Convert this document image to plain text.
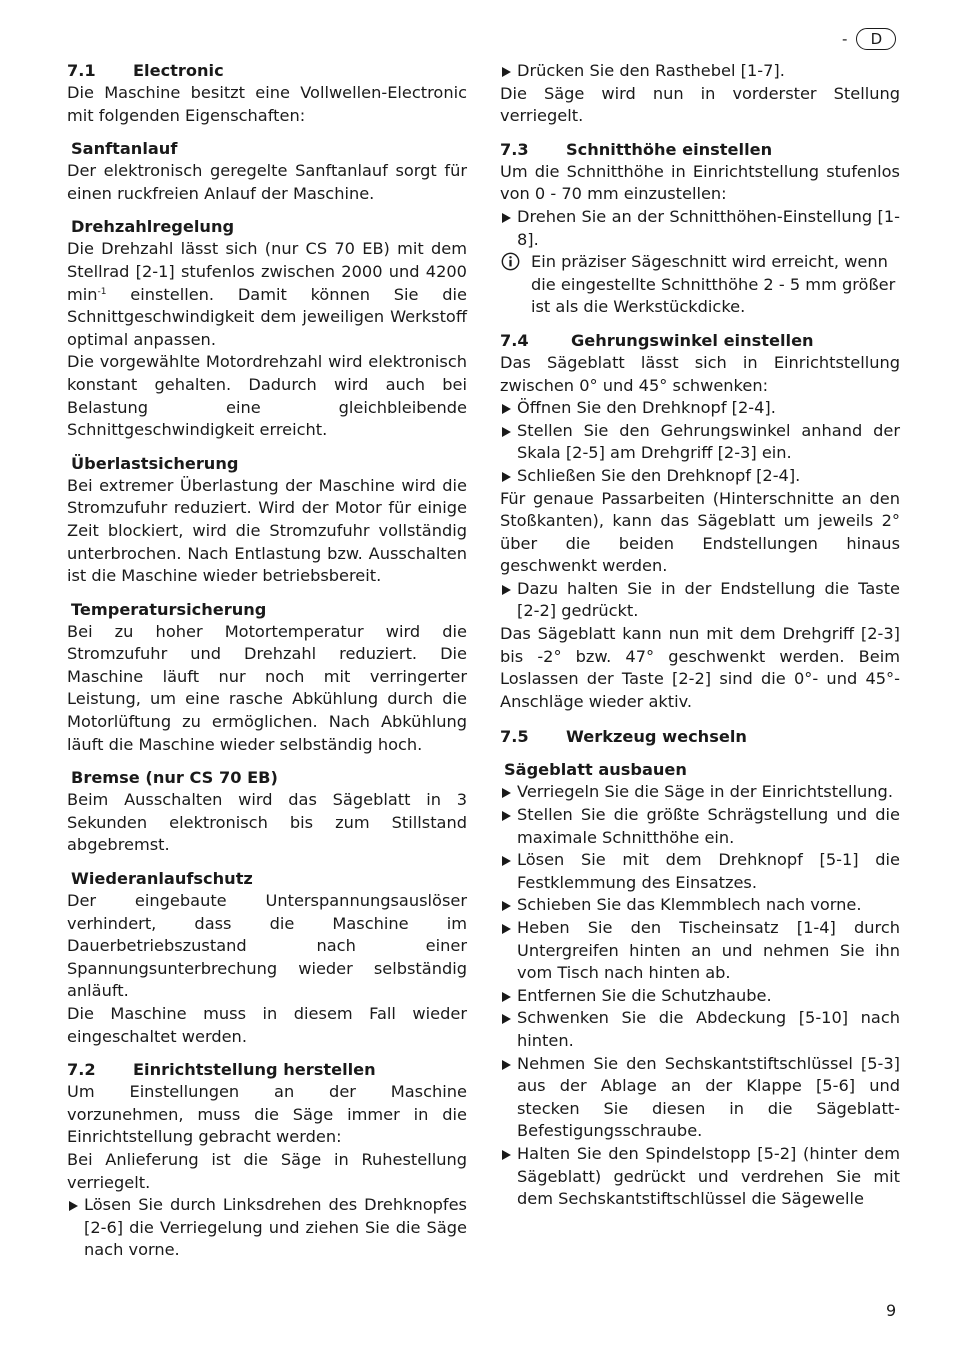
-	D
7.1 Electronic

Die Maschine besitzt eine Vollwellen-Electronic mit folgenden Eigenschaften:

Sanftanlauf

Der elektronisch geregelte Sanftanlauf sorgt für einen ruckfreien Anlauf der Maschine.

Drehzahlregelung

Die Drehzahl lässt sich (nur CS 70 EB) mit dem Stellrad [2-1] stufenlos zwischen 2000 und 4200 $\min^{-1}$ einstellen. Damit können Sie die Schnittgeschwindigkeit dem jeweiligen Werkstoff optimal anpassen.

Die vorgewählte Motordrehzahl wird elektronisch konstant gehalten. Dadurch wird auch bei Belastung eine gleichbleibende Schnittgeschwindigkeit erreicht.

Überlastsicherung

Bei extremer Überlastung der Maschine wird die Stromzufuhr reduziert. Wird der Motor für einige Zeit blockiert, wird die Stromzufuhr vollständig unterbrochen. Nach Entlastung bzw. Ausschalten ist die Maschine wieder betriebsbereit.

Temperatursicherung

Bei zu hoher Motortemperatur wird die Stromzufuhr und Drehzahl reduziert. Die Maschine läuft nur noch mit verringerter Leistung, um eine rasche Abkühlung durch die Motorlüftung zu ermöglichen. Nach Abkühlung läuft die Maschine wieder selbständig hoch.

Bremse (nur CS 70 EB)

Beim Ausschalten wird das Sägeblatt in 3 Sekunden elektronisch bis zum Stillstand abgebremst.

Wiederanlaufschutz

Der eingebaute Unterspannungsauslöser verhindert, dass die Maschine im Dauerbetriebszustand nach einer Spannungsunterbrechung wieder selbständig anläuft.

Die Maschine muss in diesem Fall wieder eingeschaltet werden.

7.2 Einrichtstellung herstellen

Um Einstellungen an der Maschine vorzunehmen, muss die Säge immer in die Einrichtstellung gebracht werden:

Bei Anlieferung ist die Säge in Ruhestellung verriegelt.

Lösen Sie durch Linksdrehen des Drehknopfes [2-6] die Verriegelung und ziehen Sie die Säge nach vorne.

Drücken Sie den Rasthebel [1-7].

Die Säge wird nun in vorderster Stellung verriegelt.

7.3 Schnitthöhe einstellen

Um die Schnitthöhe in Einrichtstellung stufenlos von 0 - 70 mm einzustellen:

Drehen Sie an der Schnitthöhen-Einstellung [1-8].

Ein präziser Sägeschnitt wird erreicht, wenn die eingestellte Schnitthöhe 2 - 5 mm größer ist als die Werkstückdicke.

7.4	Gehrungswinkel einstellen

Das Sägeblatt lässt sich in Einrichtstellung zwischen 0° und 45° schwenken:

Öffnen Sie den Drehknopf [2-4].

Stellen Sie den Gehrungswinkel anhand der Skala [2-5] am Drehgriff [2-3] ein.

Schließen Sie den Drehknopf [2-4].

Für genaue Passarbeiten (Hinterschnitte an den Stoßkanten), kann das Sägeblatt um jeweils 2° über die beiden Endstellungen hinaus geschwenkt werden.

Dazu halten Sie in der Endstellung die Taste [2-2] gedrückt.

Das Sägeblatt kann nun mit dem Drehgriff [2-3] bis -2° bzw. 47° geschwenkt werden. Beim Loslassen der Taste [2-2] sind die 0°- und 45°-Anschläge wieder aktiv.

7.5 Werkzeug wechseln
Sägeblatt ausbauen

Verriegeln Sie die Säge in der Einrichtstellung.

Stellen Sie die größte Schrägstellung und die maximale Schnitthöhe ein.

Lösen Sie mit dem Drehknopf [5-1] die Festklemmung des Einsatzes.

Schieben Sie das Klemmblech nach vorne.

Heben Sie den Tischeinsatz [1-4] durch Untergreifen hinten an und nehmen Sie ihn vom Tisch nach hinten ab.

Entfernen Sie die Schutzhaube.

Schwenken Sie die Abdeckung [5-10] nach hinten.

Nehmen Sie den Sechskantstiftschlüssel [5-3] aus der Ablage an der Klappe [5-6] und stecken Sie diesen in die Sägeblatt-Befestigungsschraube.

Halten Sie den Spindelstopp [5-2] (hinter dem Sägeblatt) gedrückt und verdrehen Sie mit dem Sechskantstiftschlüssel die Sägewelle

9
